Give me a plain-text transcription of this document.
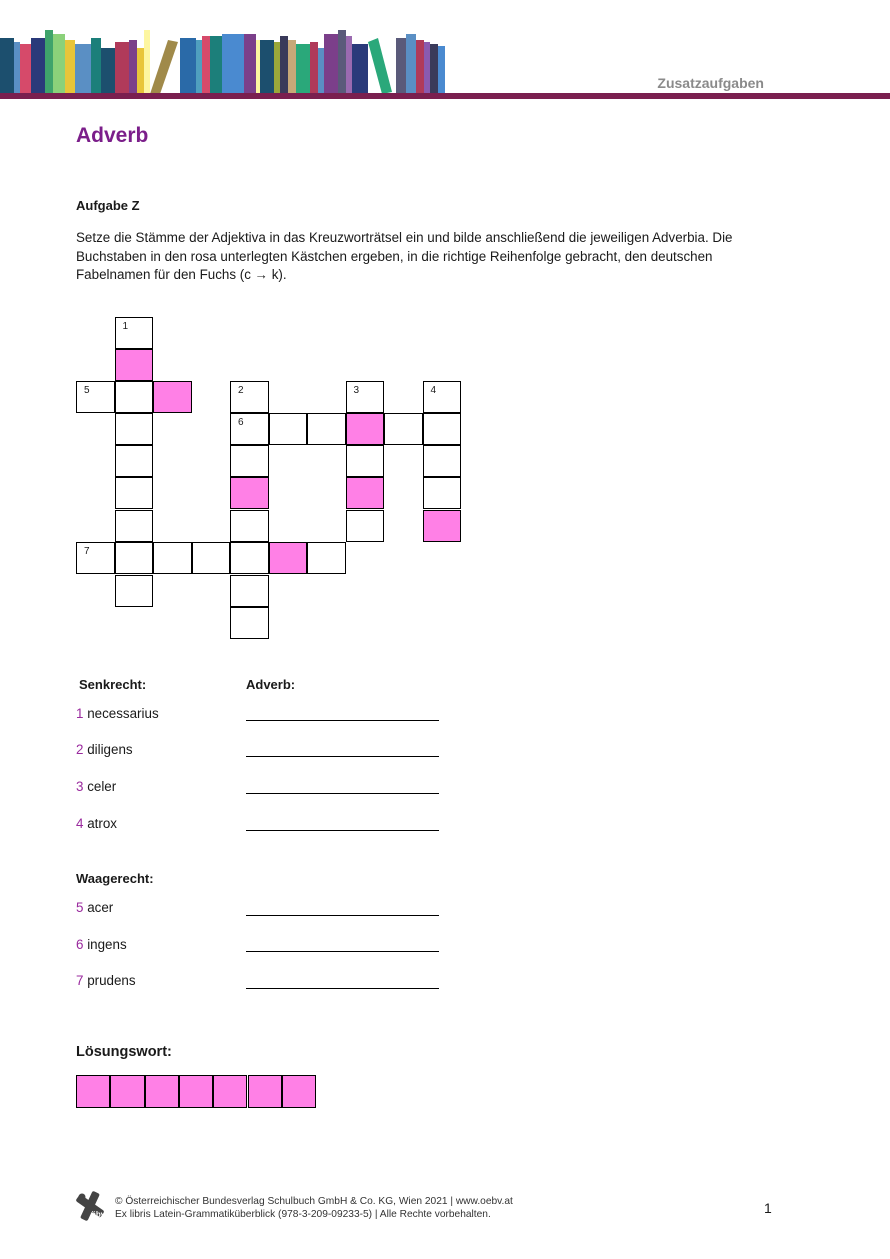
Zusatzaufgaben
Adverb
Aufgabe Z
Setze die Stämme der Adjektiva in das Kreuzworträtsel ein und bilde anschließend die jeweiligen Adverbia. Die
Buchstaben in den rosa unterlegten Kästchen ergeben, in die richtige Reihenfolge gebracht, den deutschen
Fabelnamen für den Fuchs (c → k).
1
5	2	3	4
6
7
Senkrecht:	Adverb:
1 necessarius
2 diligens
3 celer
4 atrox
Waagerecht:
5 acer
6 ingens
7 prudens
Lösungswort:
öbv
© Österreichischer Bundesverlag Schulbuch GmbH & Co. KG, Wien 2021 | www.oebv.at
Ex libris Latein-Grammatiküberblick (978-3-209-09233-5) | Alle Rechte vorbehalten.	1
